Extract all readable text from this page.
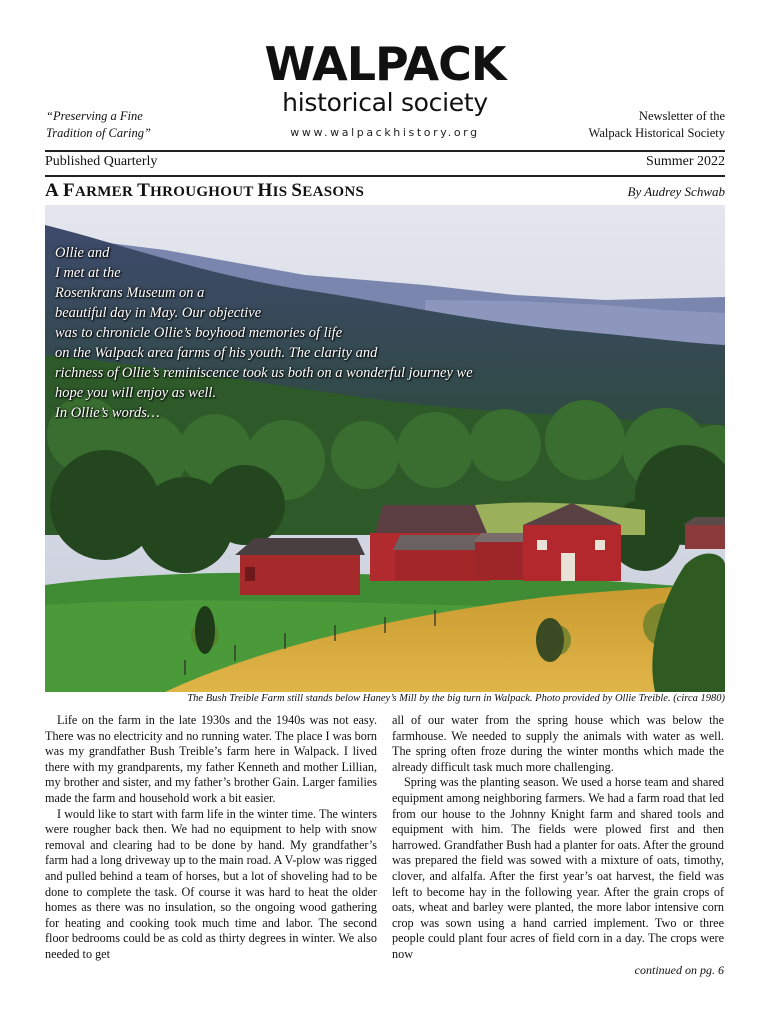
“Preserving a Fine
Tradition of Caring”
WALPACK
historical society
www.walpackhistory.org
Newsletter of the
Walpack Historical Society
Published Quarterly	Summer 2022
A FARMER THROUGHOUT HIS SEASONS	By Audrey Schwab
Ollie and
I met at the
Rosenkrans Museum on a
beautiful day in May. Our objective
was to chronicle Ollie’s boyhood memories of life
on the Walpack area farms of his youth. The clarity and
richness of Ollie’s reminiscence took us both on a wonderful journey we
hope you will enjoy as well.
In Ollie’s words…
The Bush Treible Farm still stands below Haney’s Mill by the big turn in Walpack. Photo provided by Ollie Treible. (circa 1980)

Life on the farm in the late 1930s and the 1940s was not easy. There was no electricity and no running water. The place I was born was my grandfather Bush Treible’s farm here in Walpack. I lived there with my grandparents, my father Kenneth and mother Lillian, my brother and sister, and my father’s brother Gain. Larger families made the farm and household work a bit easier.

I would like to start with farm life in the winter time. The winters were rougher back then. We had no equipment to help with snow removal and clearing had to be done by hand. My grandfather’s farm had a long driveway up to the main road. A V-plow was rigged and pulled behind a team of horses, but a lot of shoveling had to be done to complete the task. Of course it was hard to heat the older homes as there was no insulation, so the ongoing wood gathering for heating and cooking took much time and labor. The second floor bedrooms could be as cold as thirty degrees in winter. We also needed to get

all of our water from the spring house which was below the farmhouse. We needed to supply the animals with water as well. The spring often froze during the winter months which made the already difficult task much more challenging.

Spring was the planting season. We used a horse team and shared equipment among neighboring farmers. We had a farm road that led from our house to the Johnny Knight farm and shared tools and equipment with him. The fields were plowed first and then harrowed. Grandfather Bush had a planter for oats. After the ground was prepared the field was sowed with a mixture of oats, timothy, clover, and alfalfa. After the first year’s oat harvest, the field was left to become hay in the following year. After the grain crops of oats, wheat and barley were planted, the more labor intensive corn crop was sown using a hand carried implement. Two or three people could plant four acres of field corn in a day. The crops were now

continued on pg. 6
